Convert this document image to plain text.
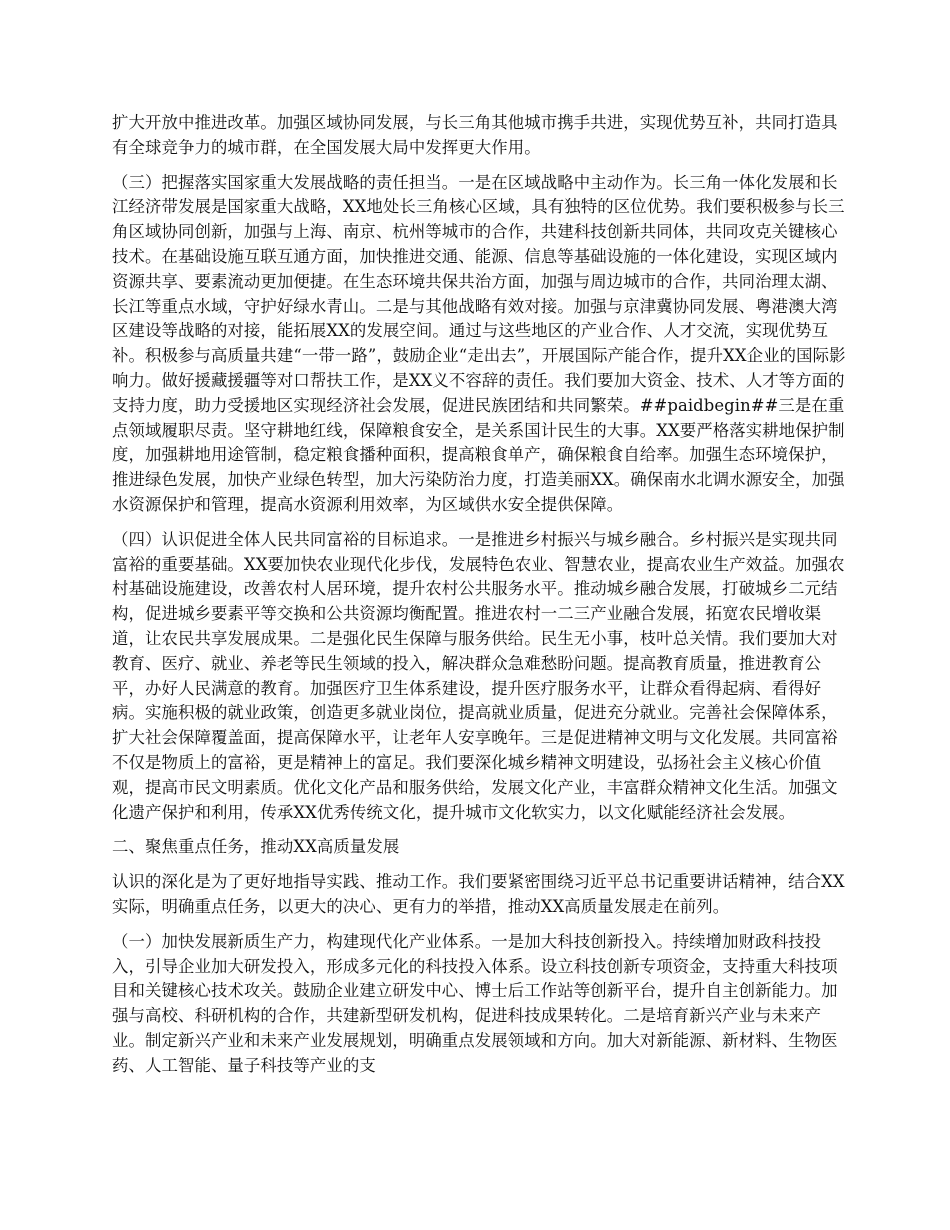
扩大开放中推进改革。加强区域协同发展，与长三角其他城市携手共进，实现优势互补，共同打造具有全球竞争力的城市群，在全国发展大局中发挥更大作用。

（三）把握落实国家重大发展战略的责任担当。一是在区域战略中主动作为。长三角一体化发展和长江经济带发展是国家重大战略，XX地处长三角核心区域，具有独特的区位优势。我们要积极参与长三角区域协同创新，加强与上海、南京、杭州等城市的合作，共建科技创新共同体，共同攻克关键核心技术。在基础设施互联互通方面，加快推进交通、能源、信息等基础设施的一体化建设，实现区域内资源共享、要素流动更加便捷。在生态环境共保共治方面，加强与周边城市的合作，共同治理太湖、长江等重点水域，守护好绿水青山。二是与其他战略有效对接。加强与京津冀协同发展、粤港澳大湾区建设等战略的对接，能拓展XX的发展空间。通过与这些地区的产业合作、人才交流，实现优势互补。积极参与高质量共建“一带一路”，鼓励企业“走出去”，开展国际产能合作，提升XX企业的国际影响力。做好援藏援疆等对口帮扶工作，是XX义不容辞的责任。我们要加大资金、技术、人才等方面的支持力度，助力受援地区实现经济社会发展，促进民族团结和共同繁荣。##paidbegin##三是在重点领域履职尽责。坚守耕地红线，保障粮食安全，是关系国计民生的大事。XX要严格落实耕地保护制度，加强耕地用途管制，稳定粮食播种面积，提高粮食单产，确保粮食自给率。加强生态环境保护，推进绿色发展，加快产业绿色转型，加大污染防治力度，打造美丽XX。确保南水北调水源安全，加强水资源保护和管理，提高水资源利用效率，为区域供水安全提供保障。

（四）认识促进全体人民共同富裕的目标追求。一是推进乡村振兴与城乡融合。乡村振兴是实现共同富裕的重要基础。XX要加快农业现代化步伐，发展特色农业、智慧农业，提高农业生产效益。加强农村基础设施建设，改善农村人居环境，提升农村公共服务水平。推动城乡融合发展，打破城乡二元结构，促进城乡要素平等交换和公共资源均衡配置。推进农村一二三产业融合发展，拓宽农民增收渠道，让农民共享发展成果。二是强化民生保障与服务供给。民生无小事，枝叶总关情。我们要加大对教育、医疗、就业、养老等民生领域的投入，解决群众急难愁盼问题。提高教育质量，推进教育公平，办好人民满意的教育。加强医疗卫生体系建设，提升医疗服务水平，让群众看得起病、看得好病。实施积极的就业政策，创造更多就业岗位，提高就业质量，促进充分就业。完善社会保障体系，扩大社会保障覆盖面，提高保障水平，让老年人安享晚年。三是促进精神文明与文化发展。共同富裕不仅是物质上的富裕，更是精神上的富足。我们要深化城乡精神文明建设，弘扬社会主义核心价值观，提高市民文明素质。优化文化产品和服务供给，发展文化产业，丰富群众精神文化生活。加强文化遗产保护和利用，传承XX优秀传统文化，提升城市文化软实力，以文化赋能经济社会发展。

二、聚焦重点任务，推动XX高质量发展

认识的深化是为了更好地指导实践、推动工作。我们要紧密围绕习近平总书记重要讲话精神，结合XX实际，明确重点任务，以更大的决心、更有力的举措，推动XX高质量发展走在前列。

（一）加快发展新质生产力，构建现代化产业体系。一是加大科技创新投入。持续增加财政科技投入，引导企业加大研发投入，形成多元化的科技投入体系。设立科技创新专项资金，支持重大科技项目和关键核心技术攻关。鼓励企业建立研发中心、博士后工作站等创新平台，提升自主创新能力。加强与高校、科研机构的合作，共建新型研发机构，促进科技成果转化。二是培育新兴产业与未来产业。制定新兴产业和未来产业发展规划，明确重点发展领域和方向。加大对新能源、新材料、生物医药、人工智能、量子科技等产业的支
